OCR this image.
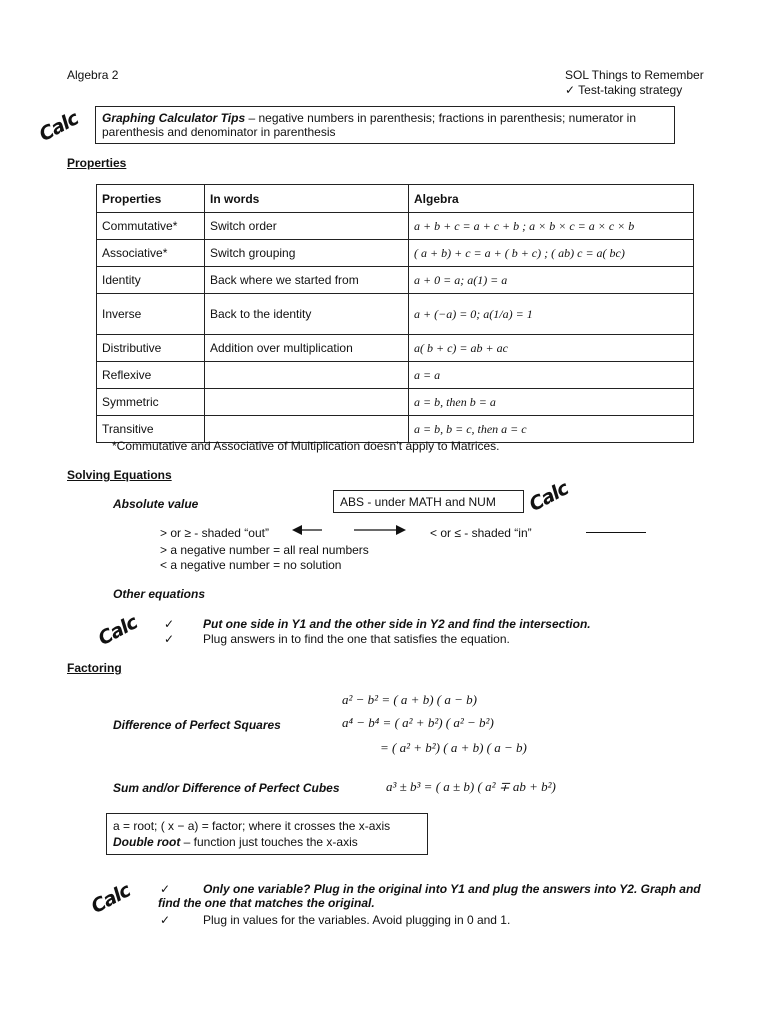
Algebra 2	SOL Things to Remember
✓ Test-taking strategy
Calc	Graphing Calculator Tips – negative numbers in parenthesis; fractions in parenthesis; numerator in parenthesis and denominator in parenthesis
Properties
Properties	In words	Algebra
Commutative*	Switch order	a + b + c = a + c + b ; a × b × c = a × c × b
Associative*	Switch grouping	( a + b) + c = a + ( b + c) ; ( ab) c = a( bc)
Identity	Back where we started from	a + 0 = a; a(1) = a
Inverse	Back to the identity	a + (−a) = 0; a(1/a) = 1
Distributive	Addition over multiplication	a( b + c) = ab + ac
Reflexive		a = a
Symmetric		a = b, then b = a
Transitive		a = b, b = c, then a = c
*Commutative and Associative of Multiplication doesn’t apply to Matrices.
Solving Equations
Absolute value	ABS - under MATH and NUM	Calc
> or ≥ - shaded “out”	< or ≤ - shaded “in”
> a negative number = all real numbers
< a negative number = no solution
Other equations
Calc ✓ Put one side in Y1 and the other side in Y2 and find the intersection.
✓ Plug answers in to find the one that satisfies the equation.
Factoring
a² − b² = ( a + b) ( a − b)
Difference of Perfect Squares	a⁴ − b⁴ = ( a² + b²) ( a² − b²)
= ( a² + b²) ( a + b) ( a − b)
Sum and/or Difference of Perfect Cubes	a³ ± b³ = ( a ± b) ( a² ∓ ab + b²)
a = root; ( x − a) = factor; where it crosses the x-axis
Double root – function just touches the x-axis
Calc ✓	Only one variable? Plug in the original into Y1 and plug the answers into Y2. Graph and find the one that matches the original.
✓	Plug in values for the variables. Avoid plugging in 0 and 1.
